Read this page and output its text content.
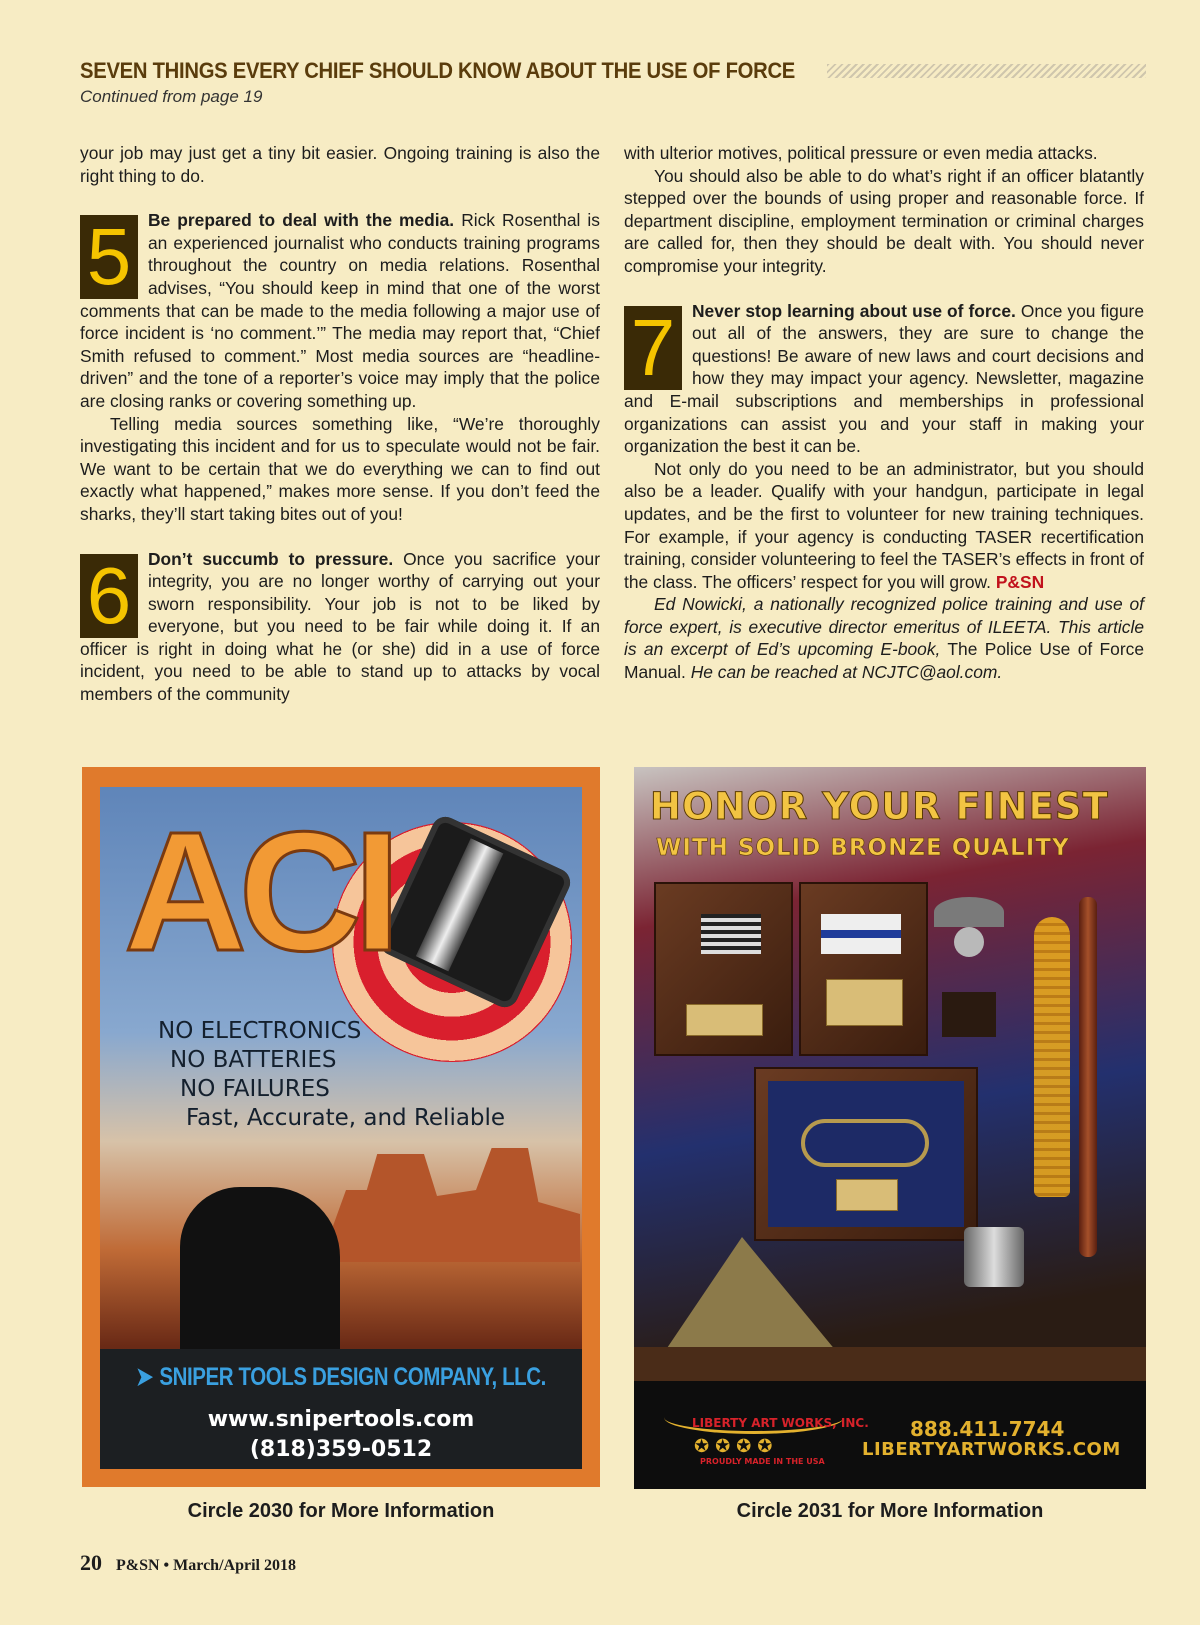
SEVEN THINGS EVERY CHIEF SHOULD KNOW ABOUT THE USE OF FORCE
Continued from page 19

your job may just get a tiny bit easier. Ongoing training is also the right thing to do.

5 Be prepared to deal with the media. Rick Rosenthal is an experienced journalist who conducts training programs throughout the country on media relations. Rosenthal advises, “You should keep in mind that one of the worst comments that can be made to the media following a major use of force incident is ‘no comment.’” The media may report that, “Chief Smith refused to comment.” Most media sources are “headline-driven” and the tone of a reporter’s voice may imply that the police are closing ranks or covering something up.

Telling media sources something like, “We’re thoroughly investigating this incident and for us to speculate would not be fair. We want to be certain that we do everything we can to find out exactly what happened,” makes more sense. If you don’t feed the sharks, they’ll start taking bites out of you!

6 Don’t succumb to pressure. Once you sacrifice your integrity, you are no longer worthy of carrying out your sworn responsibility. Your job is not to be liked by everyone, but you need to be fair while doing it. If an officer is right in doing what he (or she) did in a use of force incident, you need to be able to stand up to attacks by vocal members of the community

with ulterior motives, political pressure or even media attacks.

You should also be able to do what’s right if an officer blatantly stepped over the bounds of using proper and reasonable force. If department discipline, employment termination or criminal charges are called for, then they should be dealt with. You should never compromise your integrity.

7 Never stop learning about use of force. Once you figure out all of the answers, they are sure to change the questions! Be aware of new laws and court decisions and how they may impact your agency. Newsletter, magazine and E-mail subscriptions and memberships in professional organizations can assist you and your staff in making your organization the best it can be.

Not only do you need to be an administrator, but you should also be a leader. Qualify with your handgun, participate in legal updates, and be the first to volunteer for new training techniques. For example, if your agency is conducting TASER recertification training, consider volunteering to feel the TASER’s effects in front of the class. The officers’ respect for you will grow. P&SN

Ed Nowicki, a nationally recognized police training and use of force expert, is executive director emeritus of ILEETA. This article is an excerpt of Ed’s upcoming E-book, The Police Use of Force Manual. He can be reached at NCJTC@aol.com.

ACI
NO ELECTRONICS
NO BATTERIES
NO FAILURES
Fast, Accurate, and Reliable
➤ SNIPER TOOLS DESIGN COMPANY, LLC.
www.snipertools.com
(818)359-0512
HONOR YOUR FINEST
WITH SOLID BRONZE QUALITY
LIBERTY ART WORKS, INC.
✪✪✪✪
PROUDLY MADE IN THE USA
888.411.7744
LIBERTYARTWORKS.COM
Circle 2030 for More Information	Circle 2031 for More Information
20 P&SN • March/April 2018
